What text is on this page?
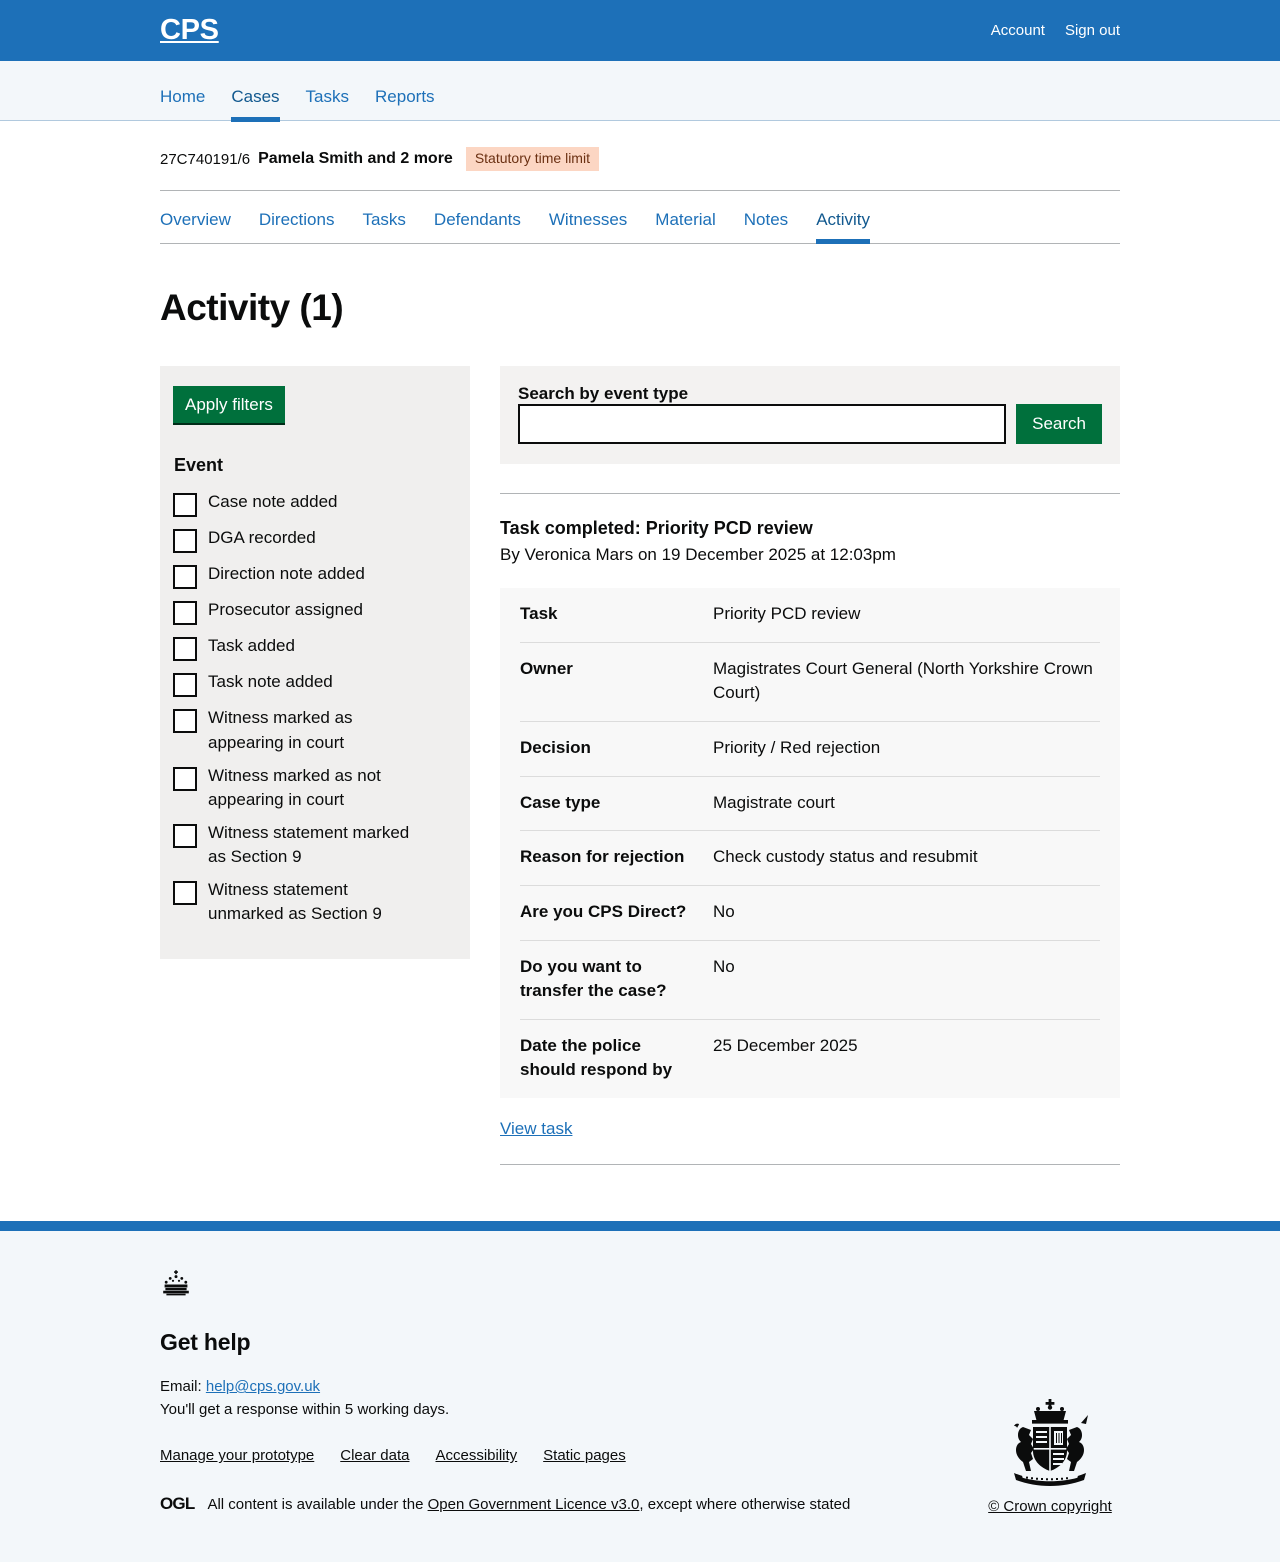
CPS	Account Sign out
Home	Cases	Tasks	Reports
27C740191/6 Pamela Smith and 2 more	Statutory time limit
Overview	Directions	Tasks	Defendants	Witnesses	Material	Notes	Activity
Activity (1)
Apply filters
Event
Case note added
DGA recorded
Direction note added
Prosecutor assigned
Task added
Task note added
Witness marked as appearing in court
Witness marked as not appearing in court
Witness statement marked as Section 9
Witness statement unmarked as Section 9
Search by event type
Search
Task completed: Priority PCD review
By Veronica Mars on 19 December 2025 at 12:03pm
Task	Priority PCD review
Owner	Magistrates Court General (North Yorkshire Crown Court)
Decision	Priority / Red rejection
Case type	Magistrate court
Reason for rejection	Check custody status and resubmit
Are you CPS Direct?	No
Do you want to transfer the case?	No
Date the police should respond by	25 December 2025
View task
Get help

Email: help@cps.gov.uk
You'll get a response within 5 working days.

Manage your prototype Clear data Accessibility Static pages
OGL All content is available under the Open Government Licence v3.0, except where otherwise stated	© Crown copyright
